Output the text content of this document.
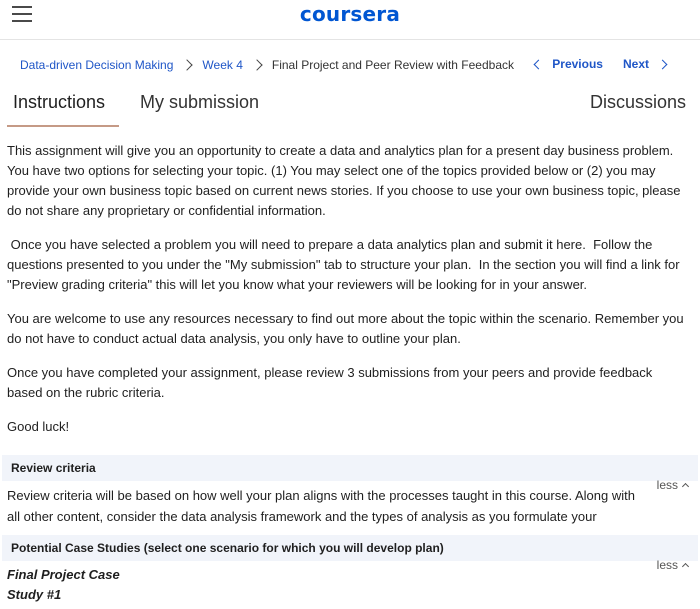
coursera
Data-driven Decision Making Week 4 Final Project and Peer Review with Feedback	Previous Next
Instructions My submission	Discussions

This assignment will give you an opportunity to create a data and analytics plan for a present day business problem. You have two options for selecting your topic. (1) You may select one of the topics provided below or (2) you may provide your own business topic based on current news stories. If you choose to use your own business topic, please do not share any proprietary or confidential information.

Once you have selected a problem you will need to prepare a data analytics plan and submit it here.  Follow the questions presented to you under the "My submission" tab to structure your plan.  In the section you will find a link for "Preview grading criteria" this will let you know what your reviewers will be looking for in your answer.

You are welcome to use any resources necessary to find out more about the topic within the scenario. Remember you do not have to conduct actual data analysis, you only have to outline your plan.

Once you have completed your assignment, please review 3 submissions from your peers and provide feedback based on the rubric criteria.

Good luck!

Review criteria
less
Review criteria will be based on how well your plan aligns with the processes taught in this course. Along with all other content, consider the data analysis framework and the types of analysis as you formulate your
Potential Case Studies (select one scenario for which you will develop plan)
less
Final Project Case
Study #1
